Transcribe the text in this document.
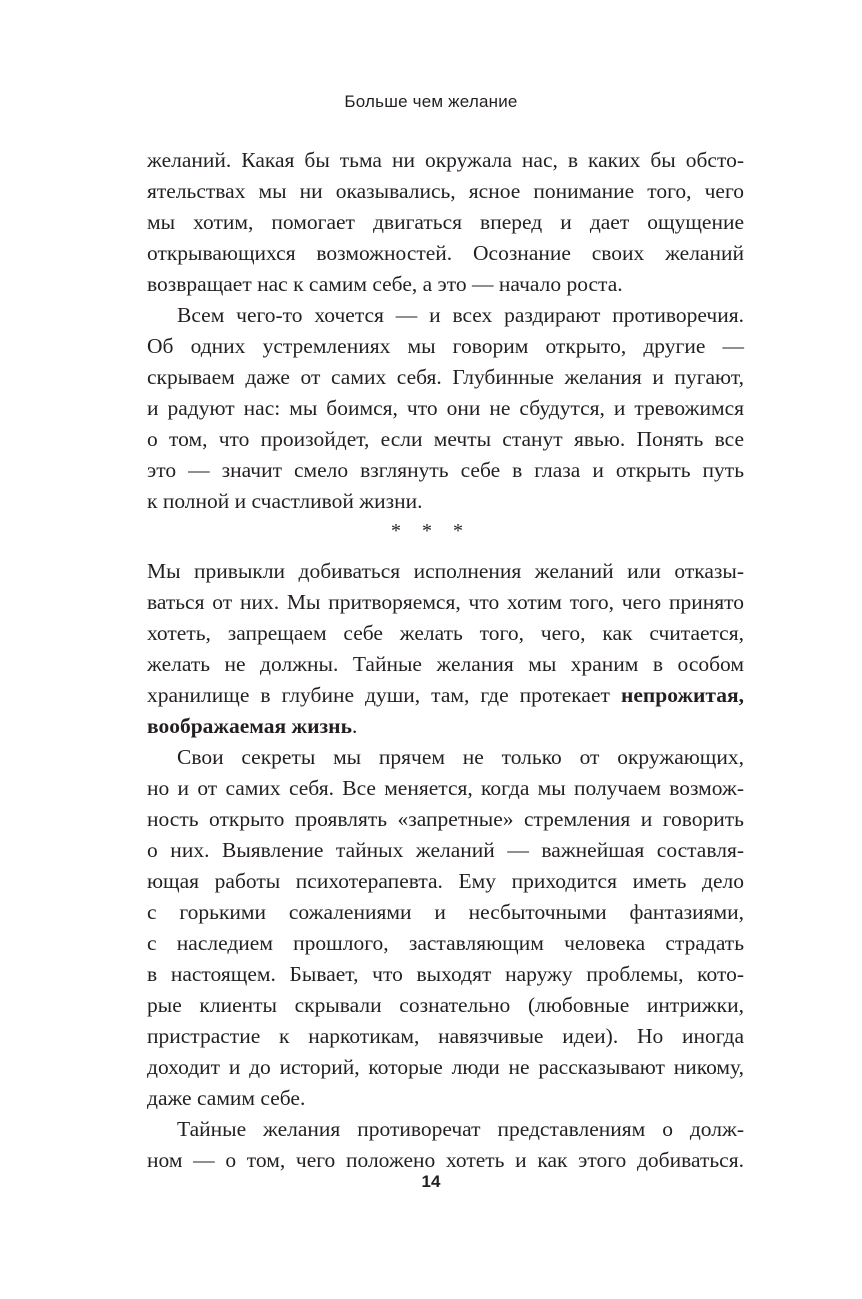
Больше чем желание
желаний. Какая бы тьма ни окружала нас, в каких бы обсто-
ятельствах мы ни оказывались, ясное понимание того, чего
мы хотим, помогает двигаться вперед и дает ощущение
открывающихся возможностей. Осознание своих желаний
возвращает нас к самим себе, а это — начало роста.
Всем чего-то хочется — и всех раздирают противоречия.
Об одних устремлениях мы говорим открыто, другие —
скрываем даже от самих себя. Глубинные желания и пугают,
и радуют нас: мы боимся, что они не сбудутся, и тревожимся
о том, что произойдет, если мечты станут явью. Понять все
это — значит смело взглянуть себе в глаза и открыть путь
к полной и счастливой жизни.
* * *
Мы привыкли добиваться исполнения желаний или отказы-
ваться от них. Мы притворяемся, что хотим того, чего принято
хотеть, запрещаем себе желать того, чего, как считается,
желать не должны. Тайные желания мы храним в особом
хранилище в глубине души, там, где протекает непрожитая,
воображаемая жизнь.
Свои секреты мы прячем не только от окружающих,
но и от самих себя. Все меняется, когда мы получаем возмож-
ность открыто проявлять «запретные» стремления и говорить
о них. Выявление тайных желаний — важнейшая составля-
ющая работы психотерапевта. Ему приходится иметь дело
с горькими сожалениями и несбыточными фантазиями,
с наследием прошлого, заставляющим человека страдать
в настоящем. Бывает, что выходят наружу проблемы, кото-
рые клиенты скрывали сознательно (любовные интрижки,
пристрастие к наркотикам, навязчивые идеи). Но иногда
доходит и до историй, которые люди не рассказывают никому,
даже самим себе.
Тайные желания противоречат представлениям о долж-
ном — о том, чего положено хотеть и как этого добиваться.
14
